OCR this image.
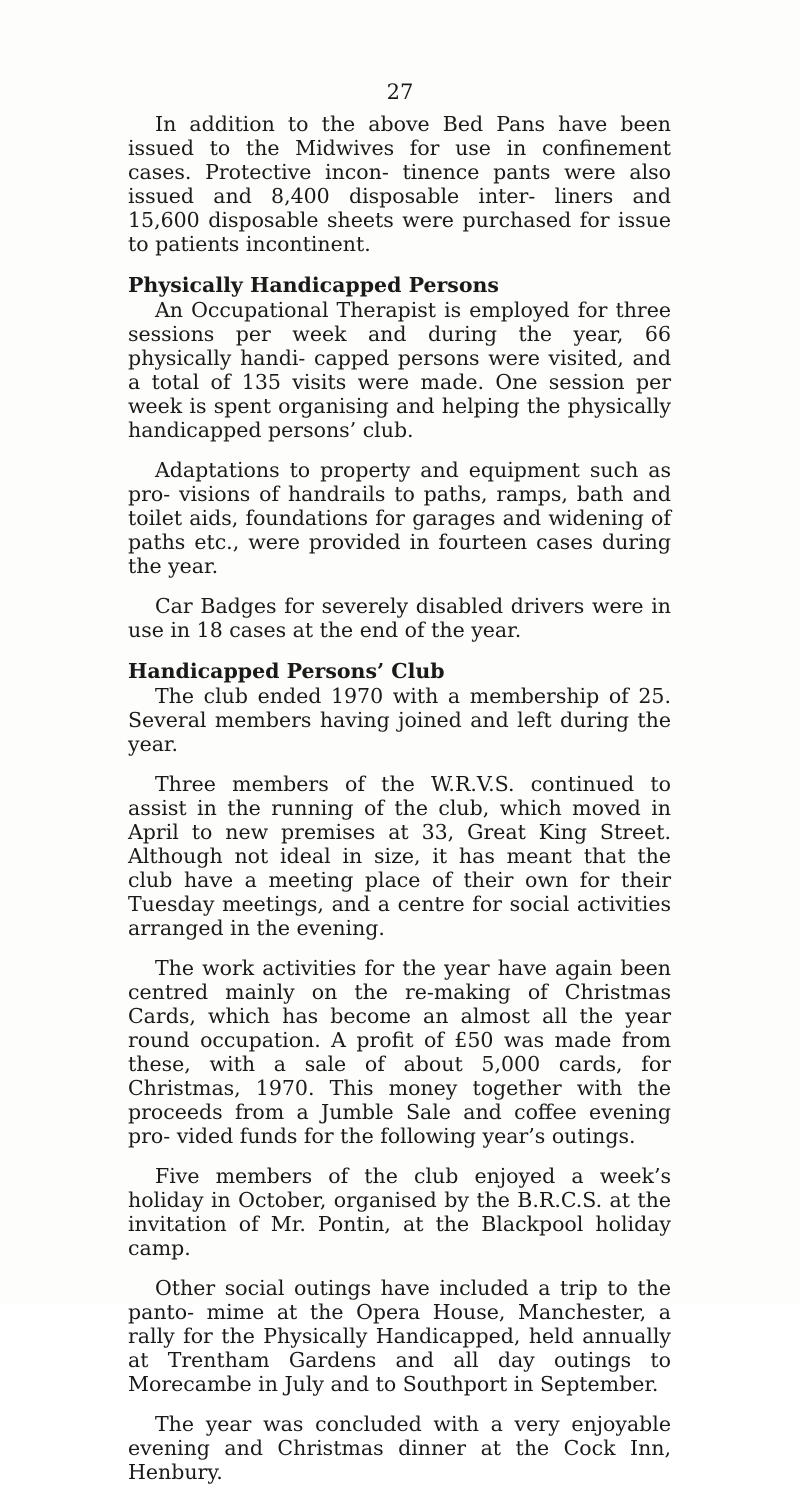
27

In addition to the above Bed Pans have been issued to the Midwives for use in confinement cases. Protective incon- tinence pants were also issued and 8,400 disposable inter- liners and 15,600 disposable sheets were purchased for issue to patients incontinent.

Physically Handicapped Persons

An Occupational Therapist is employed for three sessions per week and during the year, 66 physically handi- capped persons were visited, and a total of 135 visits were made. One session per week is spent organising and helping the physically handicapped persons’ club.

Adaptations to property and equipment such as pro- visions of handrails to paths, ramps, bath and toilet aids, foundations for garages and widening of paths etc., were provided in fourteen cases during the year.

Car Badges for severely disabled drivers were in use in 18 cases at the end of the year.

Handicapped Persons’ Club

The club ended 1970 with a membership of 25. Several members having joined and left during the year.

Three members of the W.R.V.S. continued to assist in the running of the club, which moved in April to new premises at 33, Great King Street. Although not ideal in size, it has meant that the club have a meeting place of their own for their Tuesday meetings, and a centre for social activities arranged in the evening.

The work activities for the year have again been centred mainly on the re-making of Christmas Cards, which has become an almost all the year round occupation. A profit of £50 was made from these, with a sale of about 5,000 cards, for Christmas, 1970. This money together with the proceeds from a Jumble Sale and coffee evening pro- vided funds for the following year’s outings.

Five members of the club enjoyed a week’s holiday in October, organised by the B.R.C.S. at the invitation of Mr. Pontin, at the Blackpool holiday camp.

Other social outings have included a trip to the panto- mime at the Opera House, Manchester, a rally for the Physically Handicapped, held annually at Trentham Gardens and all day outings to Morecambe in July and to Southport in September.

The year was concluded with a very enjoyable evening and Christmas dinner at the Cock Inn, Henbury.
